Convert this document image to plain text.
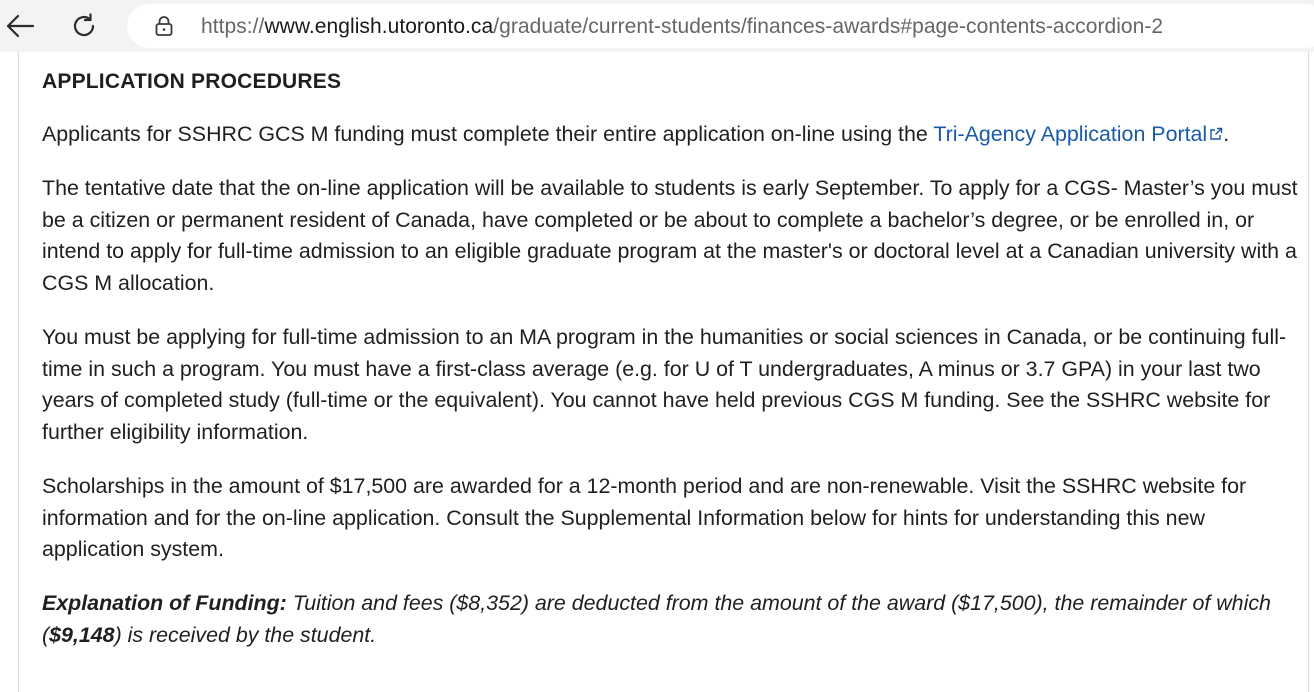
https://www.english.utoronto.ca/graduate/current-students/finances-awards#page-contents-accordion-2
APPLICATION PROCEDURES

Applicants for SSHRC GCS M funding must complete their entire application on-line using the Tri-Agency Application Portal .

The tentative date that the on-line application will be available to students is early September. To apply for a CGS- Master’s you must be a citizen or permanent resident of Canada, have completed or be about to complete a bachelor’s degree, or be enrolled in, or intend to apply for full-time admission to an eligible graduate program at the master's or doctoral level at a Canadian university with a CGS M allocation.

You must be applying for full-time admission to an MA program in the humanities or social sciences in Canada, or be continuing full-time in such a program. You must have a first-class average (e.g. for U of T undergraduates, A minus or 3.7 GPA) in your last two years of completed study (full-time or the equivalent). You cannot have held previous CGS M funding. See the SSHRC website for further eligibility information.

Scholarships in the amount of $17,500 are awarded for a 12-month period and are non-renewable. Visit the SSHRC website for information and for the on-line application. Consult the Supplemental Information below for hints for understanding this new application system.

Explanation of Funding: Tuition and fees ($8,352) are deducted from the amount of the award ($17,500), the remainder of which ($9,148) is received by the student.
